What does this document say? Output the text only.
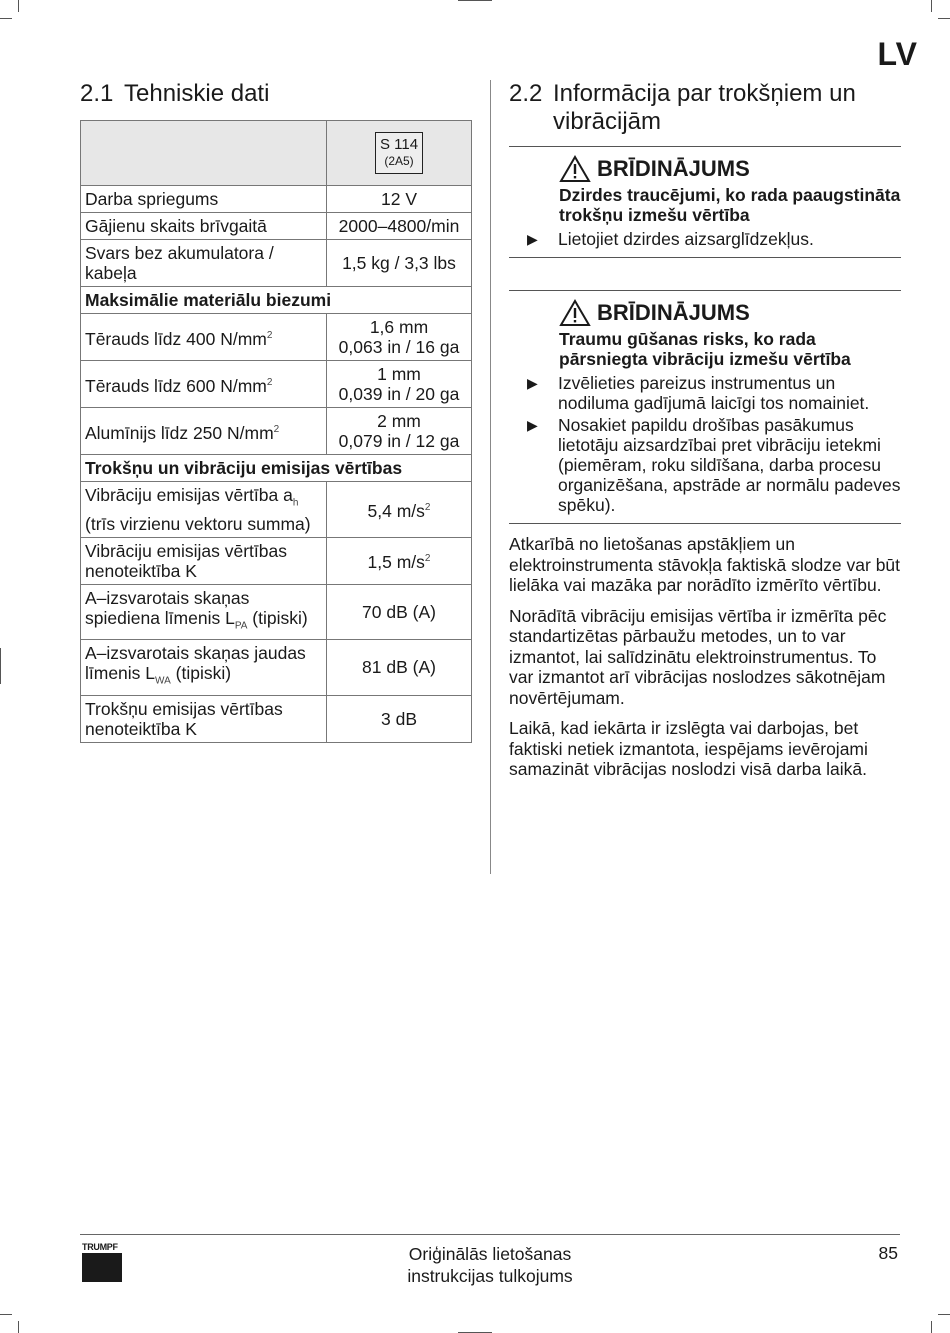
LV
2.1 Tehniskie dati

	S 114
(2A5)

Darba spriegums	12 V
Gājienu skaits brīvgaitā	2000–4800/min
Svars bez akumulatora / kabeļa	1,5 kg / 3,3 lbs
Maksimālie materiālu biezumi	
Tērauds līdz 400 $N/mm^2$	1,6 mm
0,063 in / 16 ga

Tērauds līdz 600 $N/mm^2$	1 mm
0,039 in / 20 ga

Alumīnijs līdz 250 $N/mm^2$	2 mm
0,079 in / 12 ga

Trokšņu un vibrāciju emisijas vērtības	
Vibrāciju emisijas vērtība $a_h$ (trīs virzienu vektoru summa)	5,4 $m/s^2$
Vibrāciju emisijas vērtības nenoteiktība K	1,5 $m/s^2$
A–izsvarotais skaņas spiediena līmenis $L_{PA}$ (tipiski)	70 dB (A)
A–izsvarotais skaņas jaudas līmenis $L_{WA}$ (tipiski)	81 dB (A)
Trokšņu emisijas vērtības nenoteiktība K	3 dB
2.2 Informācija par trokšņiem un
vibrācijām
BRĪDINĀJUMS
Dzirdes traucējumi, ko rada paaugstināta trokšņu izmešu vērtība
▶	Lietojiet dzirdes aizsarglīdzekļus.
BRĪDINĀJUMS
Traumu gūšanas risks, ko rada pārsniegta vibrāciju izmešu vērtība
▶	Izvēlieties pareizus instrumentus un nodiluma gadījumā laicīgi tos nomainiet.
▶	Nosakiet papildu drošības pasākumus lietotāju aizsardzībai pret vibrāciju ietekmi (piemēram, roku sildīšana, darba procesu organizēšana, apstrāde ar normālu padeves spēku).

Atkarībā no lietošanas apstākļiem un elektroinstrumenta stāvokļa faktiskā slodze var būt lielāka vai mazāka par norādīto izmērīto vērtību.

Norādītā vibrāciju emisijas vērtība ir izmērīta pēc standartizētas pārbaužu metodes, un to var izmantot, lai salīdzinātu elektroinstrumentus. To var izmantot arī vibrācijas noslodzes sākotnējam novērtējumam.

Laikā, kad iekārta ir izslēgta vai darbojas, bet faktiski netiek izmantota, iespējams ievērojami samazināt vibrācijas noslodzi visā darba laikā.

TRUMPF	Oriģinālās lietošanas
instrukcijas tulkojums
85
